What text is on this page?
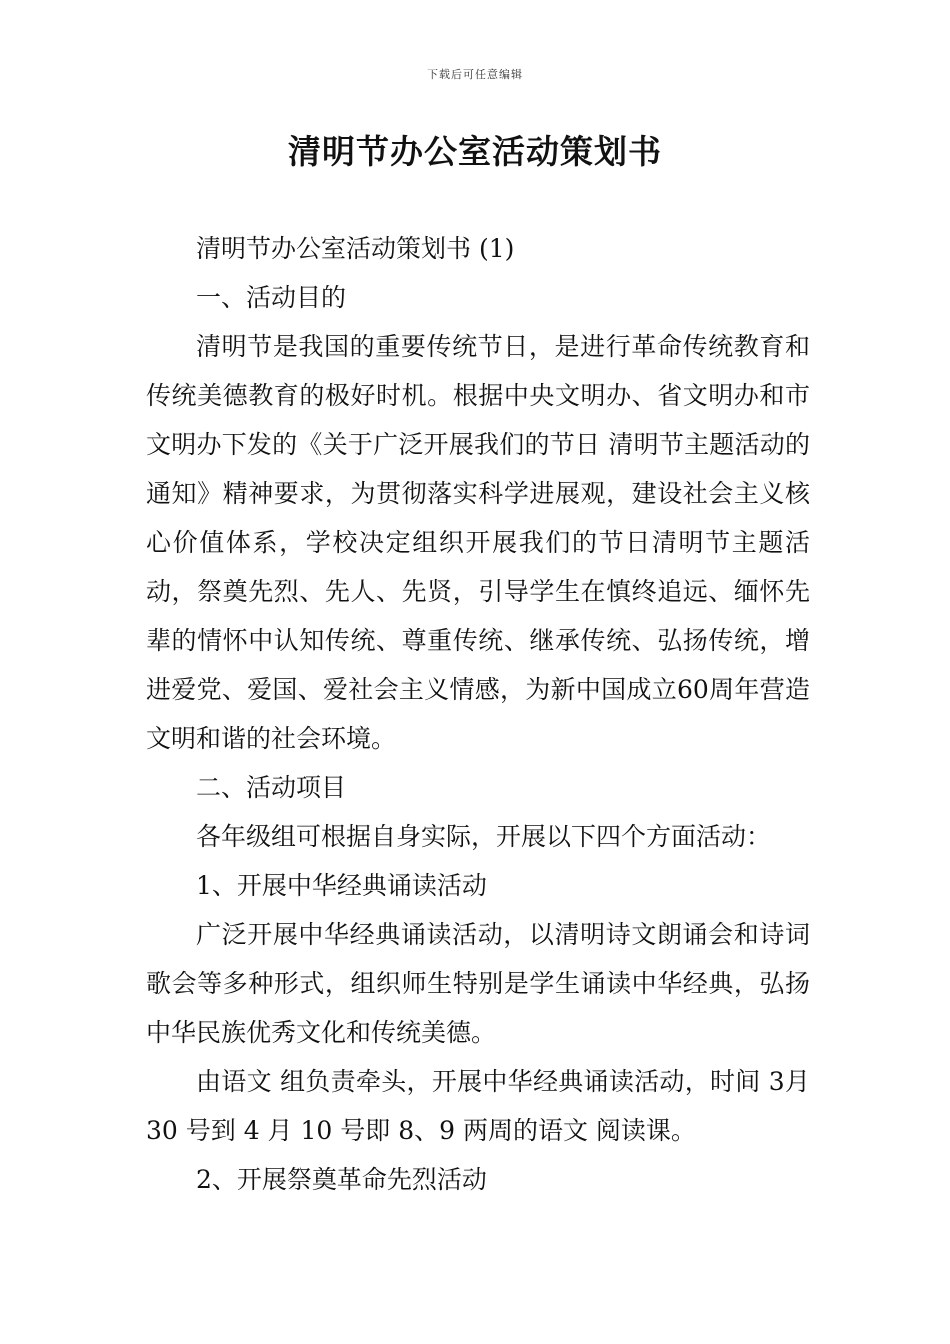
下载后可任意编辑
清明节办公室活动策划书

清明节办公室活动策划书 (1)

一、活动目的

清明节是我国的重要传统节日，是进行革命传统教育和传统美德教育的极好时机。根据中央文明办、省文明办和市文明办下发的《关于广泛开展我们的节日 清明节主题活动的通知》精神要求，为贯彻落实科学进展观，建设社会主义核心价值体系，学校决定组织开展我们的节日清明节主题活动，祭奠先烈、先人、先贤，引导学生在慎终追远、缅怀先辈的情怀中认知传统、尊重传统、继承传统、弘扬传统，增进爱党、爱国、爱社会主义情感，为新中国成立60周年营造文明和谐的社会环境。

二、活动项目

各年级组可根据自身实际，开展以下四个方面活动：

1、开展中华经典诵读活动

广泛开展中华经典诵读活动，以清明诗文朗诵会和诗词歌会等多种形式，组织师生特别是学生诵读中华经典，弘扬中华民族优秀文化和传统美德。

由语文 组负责牵头，开展中华经典诵读活动，时间 3月 30 号到 4 月 10 号即 8、9 两周的语文 阅读课。

2、开展祭奠革命先烈活动
